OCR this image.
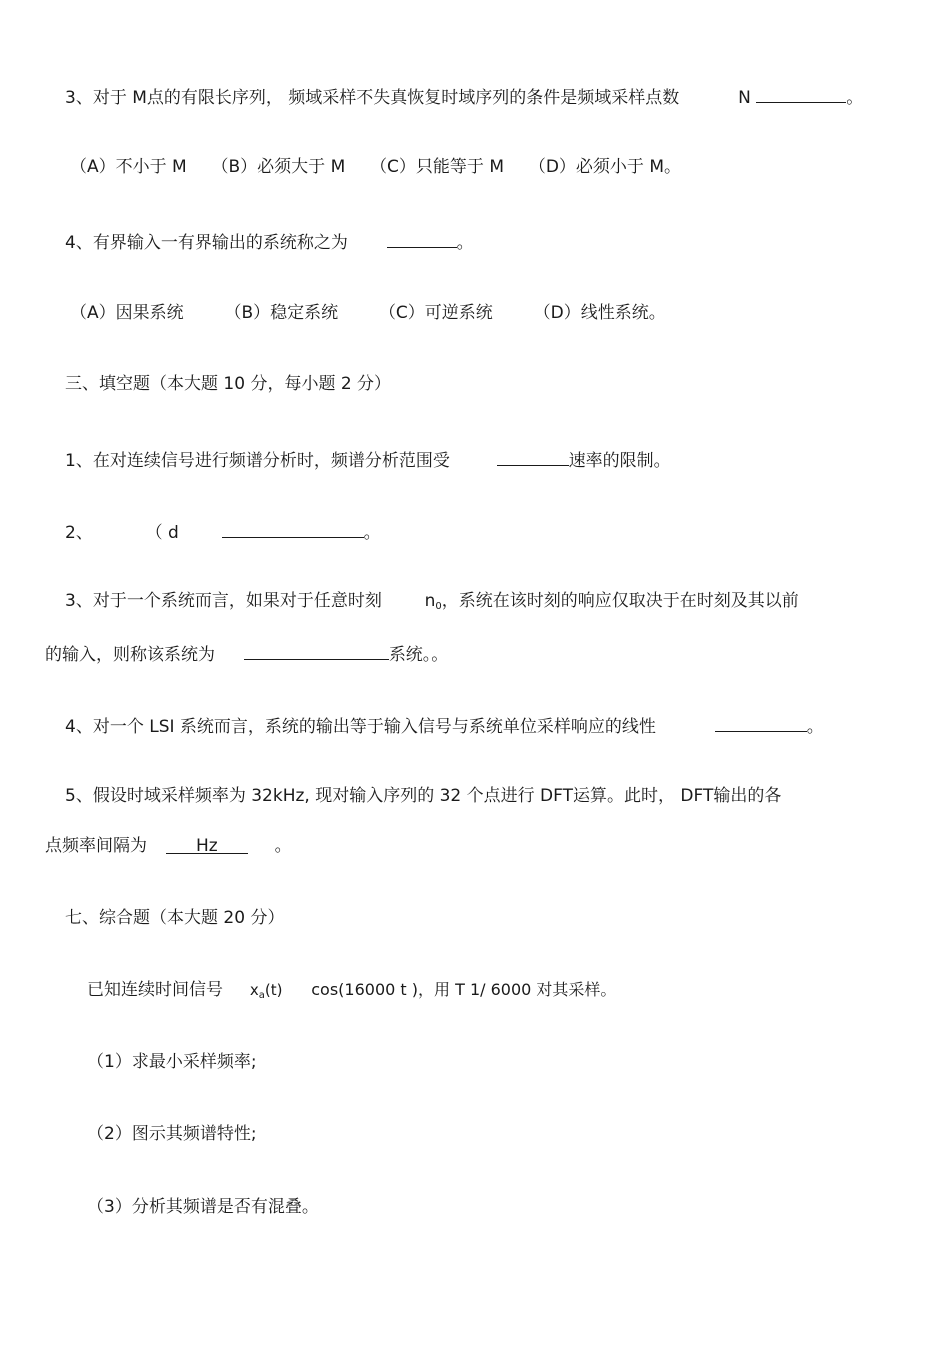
3、对于 M点的有限长序列， 频域采样不失真恢复时域序列的条件是频域采样点数	N	。
（A）不小于 M （B）必须大于 M （C）只能等于 M （D）必须小于 M。
4、有界输入一有界输出的系统称之为	。
（A）因果系统 （B）稳定系统 （C）可逆系统 （D）线性系统。
三、填空题（本大题 10 分，每小题 2 分）
1、在对连续信号进行频谱分析时，频谱分析范围受	速率的限制。
2、	（ d	。
3、对于一个系统而言，如果对于任意时刻	$n_0$，系统在该时刻的响应仅取决于在时刻及其以前
的输入，则称该系统为	系统。。
4、对一个 LSI 系统而言，系统的输出等于输入信号与系统单位采样响应的线性	。
5、假设时域采样频率为 32kHz, 现对输入序列的 32 个点进行 DFT运算。此时， DFT输出的各
点频率间隔为	Hz	。
七、综合题（本大题 20 分）
已知连续时间信号 $x_a(t)$ cos(16000 t )，用 T 1/ 6000 对其采样。
（1）求最小采样频率;
（2）图示其频谱特性;
（3）分析其频谱是否有混叠。
